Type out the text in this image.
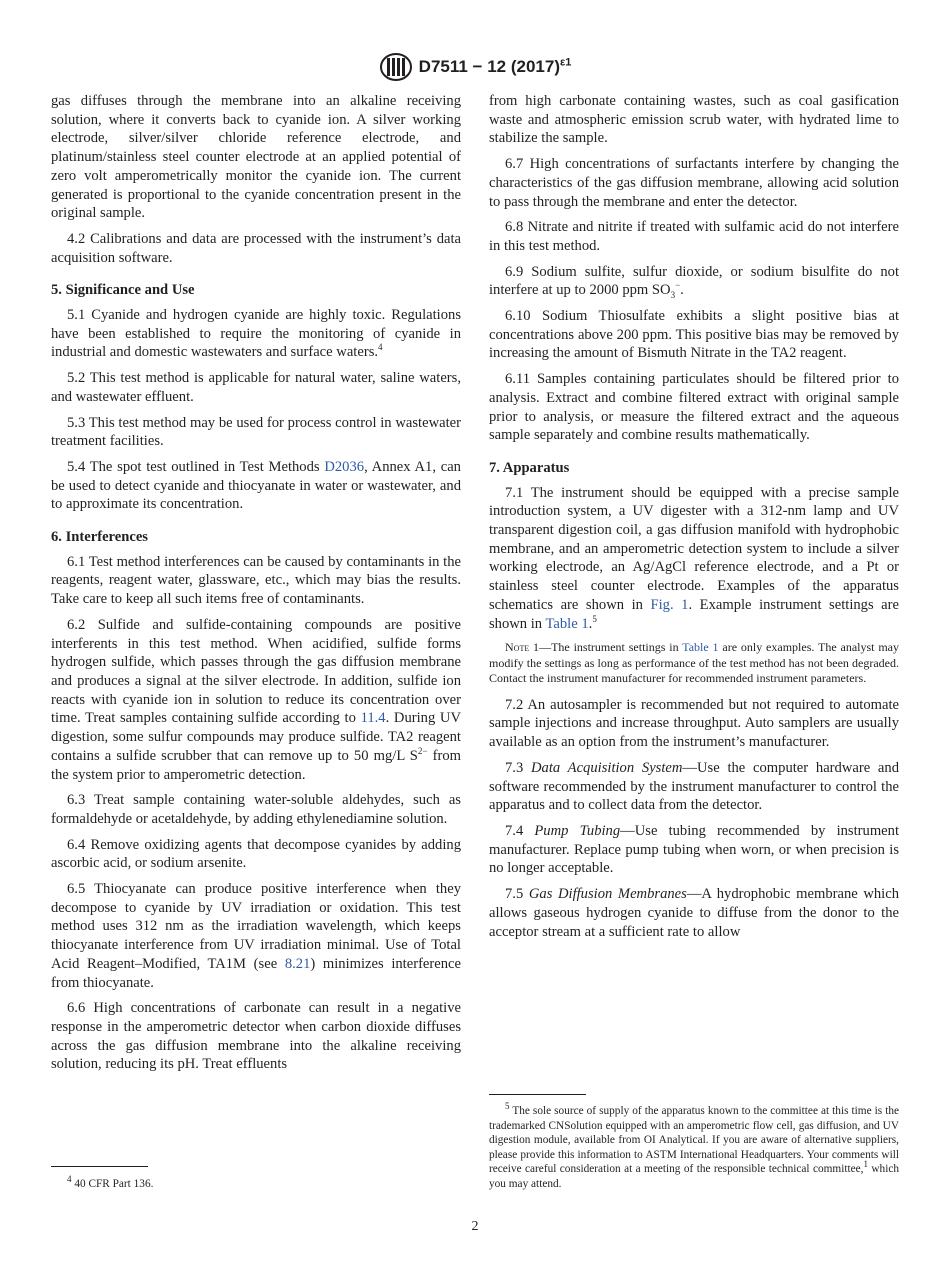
D7511 − 12 $(2017)^{\varepsilon 1}$

gas diffuses through the membrane into an alkaline receiving solution, where it converts back to cyanide ion. A silver working electrode, silver/silver chloride reference electrode, and platinum/stainless steel counter electrode at an applied potential of zero volt amperometrically monitor the cyanide ion. The current generated is proportional to the cyanide concentration present in the original sample.

4.2 Calibrations and data are processed with the instrument’s data acquisition software.

5. Significance and Use

5.1 Cyanide and hydrogen cyanide are highly toxic. Regulations have been established to require the monitoring of cyanide in industrial and domestic wastewaters and surface waters.$^4$

5.2 This test method is applicable for natural water, saline waters, and wastewater effluent.

5.3 This test method may be used for process control in wastewater treatment facilities.

5.4 The spot test outlined in Test Methods D2036, Annex A1, can be used to detect cyanide and thiocyanate in water or wastewater, and to approximate its concentration.

6. Interferences

6.1 Test method interferences can be caused by contaminants in the reagents, reagent water, glassware, etc., which may bias the results. Take care to keep all such items free of contaminants.

6.2 Sulfide and sulfide-containing compounds are positive interferents in this test method. When acidified, sulfide forms hydrogen sulfide, which passes through the gas diffusion membrane and produces a signal at the silver electrode. In addition, sulfide ion reacts with cyanide ion in solution to reduce its concentration over time. Treat samples containing sulfide according to 11.4. During UV digestion, some sulfur compounds may produce sulfide. TA2 reagent contains a sulfide scrubber that can remove up to 50 mg/L $S^{2-}$ from the system prior to amperometric detection.

6.3 Treat sample containing water-soluble aldehydes, such as formaldehyde or acetaldehyde, by adding ethylenediamine solution.

6.4 Remove oxidizing agents that decompose cyanides by adding ascorbic acid, or sodium arsenite.

6.5 Thiocyanate can produce positive interference when they decompose to cyanide by UV irradiation or oxidation. This test method uses 312 nm as the irradiation wavelength, which keeps thiocyanate interference from UV irradiation minimal. Use of Total Acid Reagent–Modified, TA1M (see 8.21) minimizes interference from thiocyanate.

6.6 High concentrations of carbonate can result in a negative response in the amperometric detector when carbon dioxide diffuses across the gas diffusion membrane into the alkaline receiving solution, reducing its pH. Treat effluents

$^4$ 40 CFR Part 136.

from high carbonate containing wastes, such as coal gasification waste and atmospheric emission scrub water, with hydrated lime to stabilize the sample.

6.7 High concentrations of surfactants interfere by changing the characteristics of the gas diffusion membrane, allowing acid solution to pass through the membrane and enter the detector.

6.8 Nitrate and nitrite if treated with sulfamic acid do not interfere in this test method.

6.9 Sodium sulfite, sulfur dioxide, or sodium bisulfite do not interfere at up to 2000 ppm $SO_3^-$.

6.10 Sodium Thiosulfate exhibits a slight positive bias at concentrations above 200 ppm. This positive bias may be removed by increasing the amount of Bismuth Nitrate in the TA2 reagent.

6.11 Samples containing particulates should be filtered prior to analysis. Extract and combine filtered extract with original sample prior to analysis, or measure the filtered extract and the aqueous sample separately and combine results mathematically.

7. Apparatus

7.1 The instrument should be equipped with a precise sample introduction system, a UV digester with a 312-nm lamp and UV transparent digestion coil, a gas diffusion manifold with hydrophobic membrane, and an amperometric detection system to include a silver working electrode, an Ag/AgCl reference electrode, and a Pt or stainless steel counter electrode. Examples of the apparatus schematics are shown in Fig. 1. Example instrument settings are shown in Table 1.$^5$

Note 1—The instrument settings in Table 1 are only examples. The analyst may modify the settings as long as performance of the test method has not been degraded. Contact the instrument manufacturer for recommended instrument parameters.

7.2 An autosampler is recommended but not required to automate sample injections and increase throughput. Auto samplers are usually available as an option from the instrument’s manufacturer.

7.3 Data Acquisition System—Use the computer hardware and software recommended by the instrument manufacturer to control the apparatus and to collect data from the detector.

7.4 Pump Tubing—Use tubing recommended by instrument manufacturer. Replace pump tubing when worn, or when precision is no longer acceptable.

7.5 Gas Diffusion Membranes—A hydrophobic membrane which allows gaseous hydrogen cyanide to diffuse from the donor to the acceptor stream at a sufficient rate to allow

$^5$ The sole source of supply of the apparatus known to the committee at this time is the trademarked CNSolution equipped with an amperometric flow cell, gas diffusion, and UV digestion module, available from OI Analytical. If you are aware of alternative suppliers, please provide this information to ASTM International Headquarters. Your comments will receive careful consideration at a meeting of the responsible technical committee,$^1$ which you may attend.
2
